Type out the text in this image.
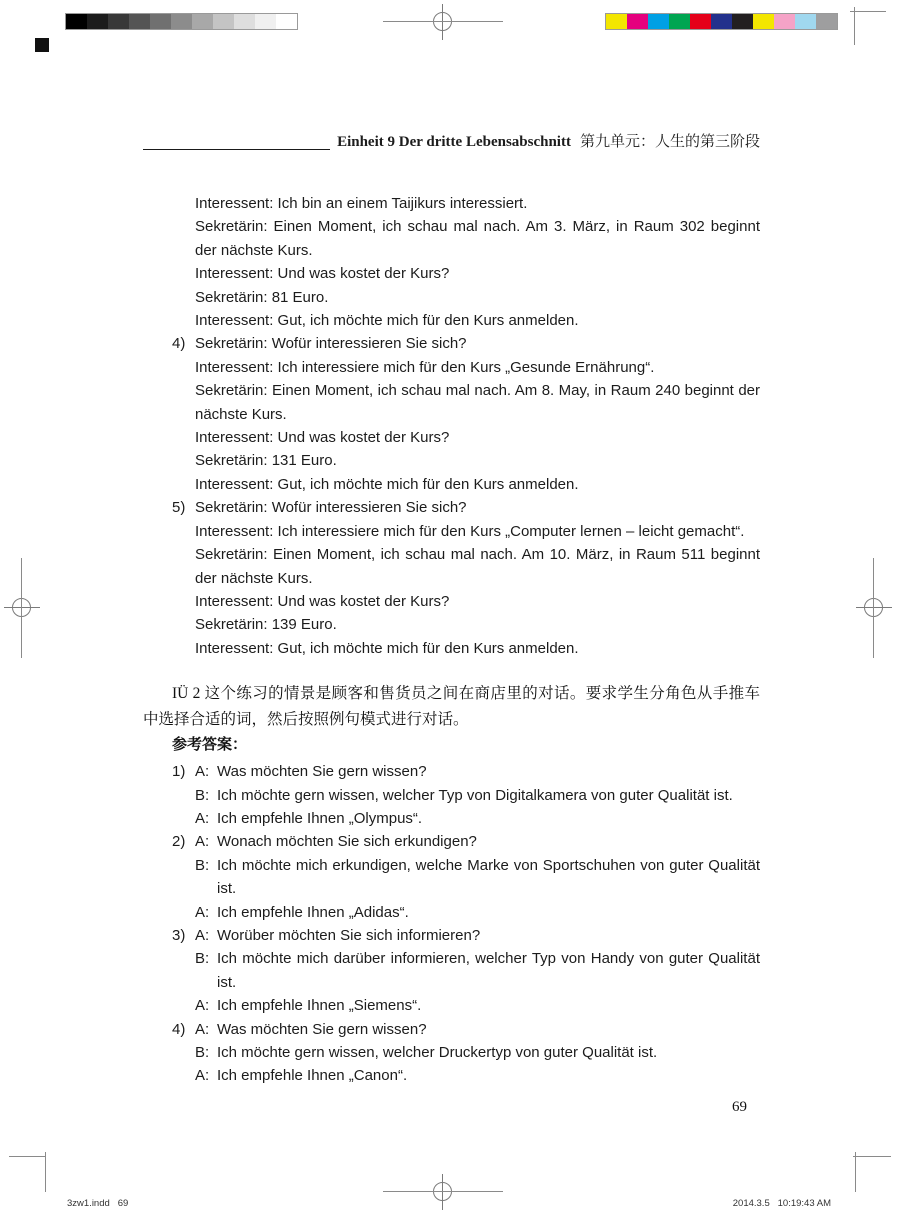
Einheit 9 Der dritte Lebensabschnitt 第九单元：人生的第三阶段

Interessent: Ich bin an einem Taijikurs interessiert.

Sekretärin: Einen Moment, ich schau mal nach. Am 3. März, in Raum 302 beginnt der nächste Kurs.

Interessent: Und was kostet der Kurs?

Sekretärin: 81 Euro.

Interessent: Gut, ich möchte mich für den Kurs anmelden.

4) Sekretärin: Wofür interessieren Sie sich?

Interessent: Ich interessiere mich für den Kurs „Gesunde Ernährung“.

Sekretärin: Einen Moment, ich schau mal nach. Am 8. May, in Raum 240 beginnt der nächste Kurs.

Interessent: Und was kostet der Kurs?

Sekretärin: 131 Euro.

Interessent: Gut, ich möchte mich für den Kurs anmelden.

5) Sekretärin: Wofür interessieren Sie sich?

Interessent: Ich interessiere mich für den Kurs „Computer lernen – leicht gemacht“.

Sekretärin: Einen Moment, ich schau mal nach. Am 10. März, in Raum 511 beginnt der nächste Kurs.

Interessent: Und was kostet der Kurs?

Sekretärin: 139 Euro.

Interessent: Gut, ich möchte mich für den Kurs anmelden.

IÜ 2 这个练习的情景是顾客和售货员之间在商店里的对话。要求学生分角色从手推车中选择合适的词，然后按照例句模式进行对话。

参考答案：

1) A: Was möchten Sie gern wissen?
B: Ich möchte gern wissen, welcher Typ von Digitalkamera von guter Qualität ist.
A: Ich empfehle Ihnen „Olympus“.
2) A: Wonach möchten Sie sich erkundigen?
B: Ich möchte mich erkundigen, welche Marke von Sportschuhen von guter Qualität ist.
A: Ich empfehle Ihnen „Adidas“.
3) A: Worüber möchten Sie sich informieren?
B: Ich möchte mich darüber informieren, welcher Typ von Handy von guter Qualität ist.
A: Ich empfehle Ihnen „Siemens“.
4) A: Was möchten Sie gern wissen?
B: Ich möchte gern wissen, welcher Druckertyp von guter Qualität ist.
A: Ich empfehle Ihnen „Canon“.
69
3zw1.indd   69	2014.3.5   10:19:43 AM
